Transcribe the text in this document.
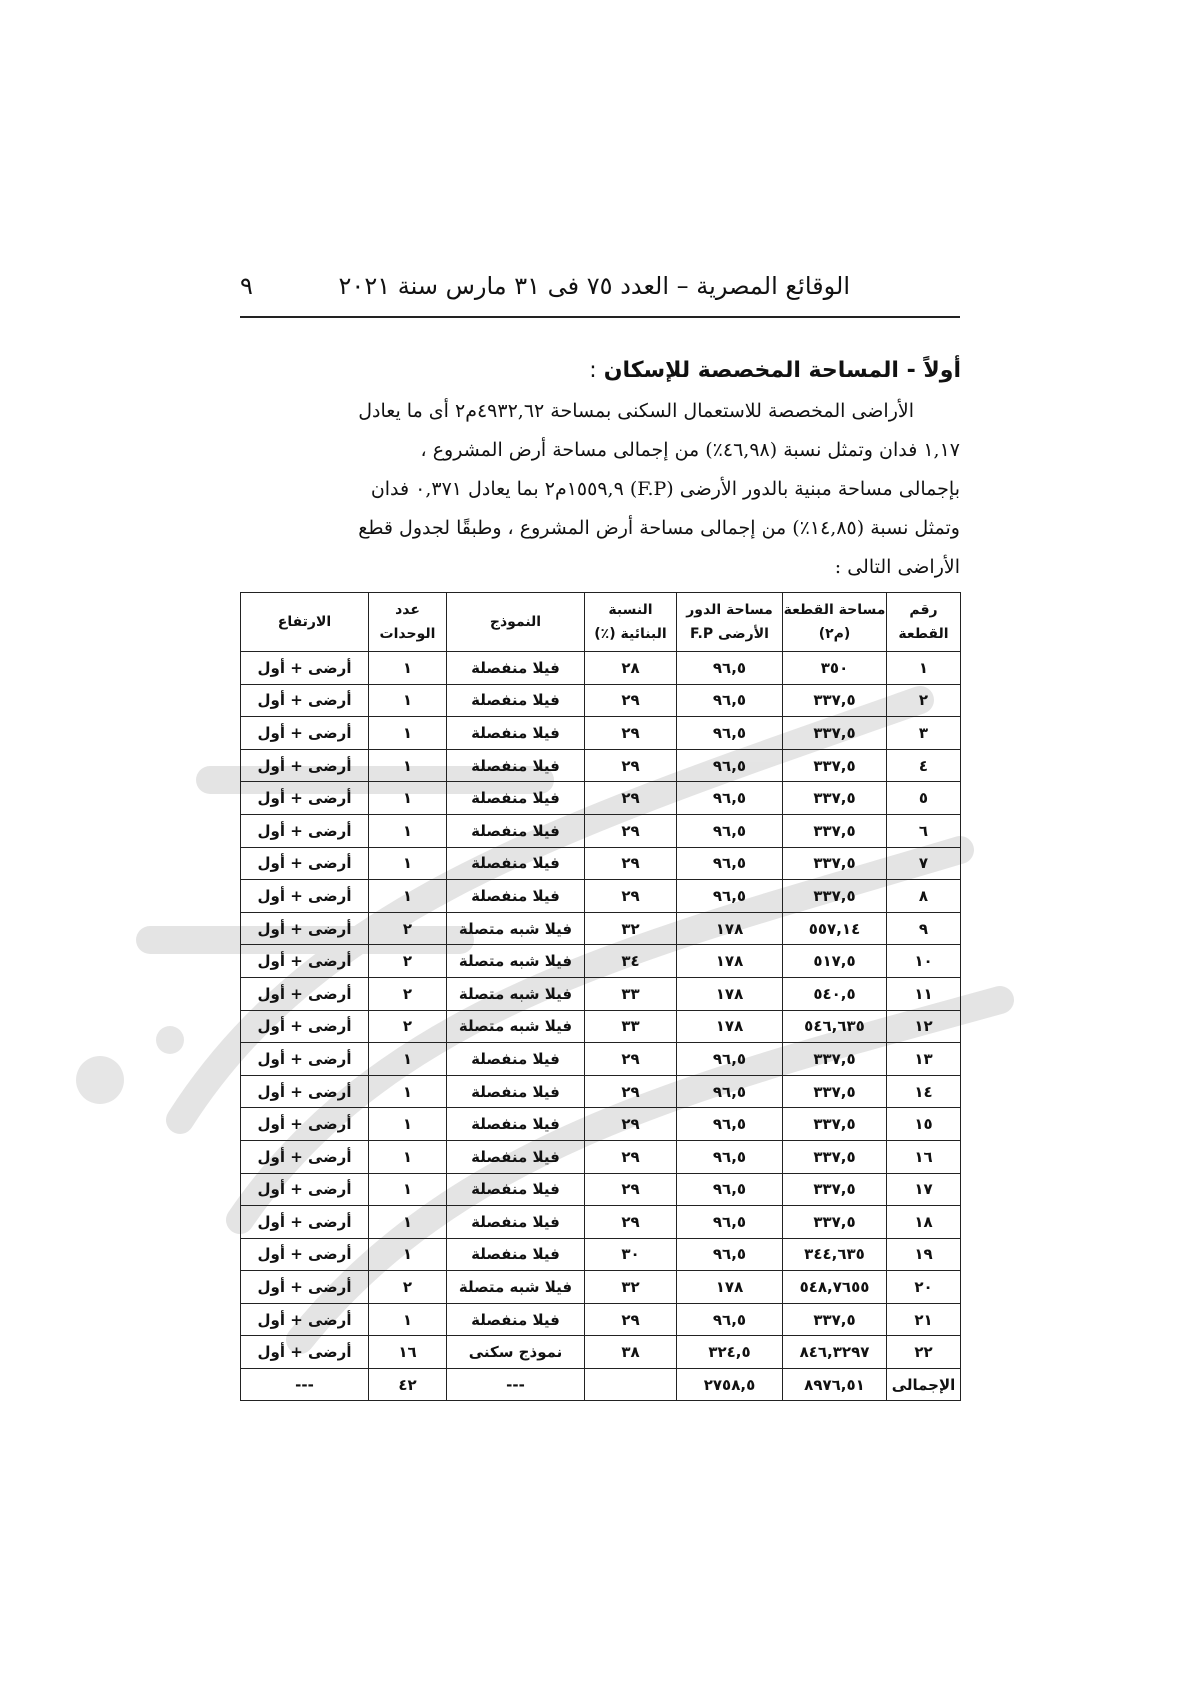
الوقائع المصرية – العدد ٧٥ فى ٣١ مارس سنة ٢٠٢١
٩
أولاً - المساحة المخصصة للإسكان :
الأراضى المخصصة للاستعمال السكنى بمساحة ٤٩٣٢,٦٢م٢ أى ما يعادل
١,١٧ فدان وتمثل نسبة (٤٦,٩٨٪) من إجمالى مساحة أرض المشروع ،
بإجمالى مساحة مبنية بالدور الأرضى (F.P) ١٥٥٩,٩م٢ بما يعادل ٠,٣٧١ فدان
وتمثل نسبة (١٤,٨٥٪) من إجمالى مساحة أرض المشروع ، وطبقًا لجدول قطع
الأراضى التالى :
رقم القطعة	مساحة القطعة (م٢)	مساحة الدور الأرضى F.P	النسبة البنائية (٪)	النموذج	عدد الوحدات	الارتفاع
١	٣٥٠	٩٦,٥	٢٨	فيلا منفصلة	١	أرضى + أول
٢	٣٣٧,٥	٩٦,٥	٢٩	فيلا منفصلة	١	أرضى + أول
٣	٣٣٧,٥	٩٦,٥	٢٩	فيلا منفصلة	١	أرضى + أول
٤	٣٣٧,٥	٩٦,٥	٢٩	فيلا منفصلة	١	أرضى + أول
٥	٣٣٧,٥	٩٦,٥	٢٩	فيلا منفصلة	١	أرضى + أول
٦	٣٣٧,٥	٩٦,٥	٢٩	فيلا منفصلة	١	أرضى + أول
٧	٣٣٧,٥	٩٦,٥	٢٩	فيلا منفصلة	١	أرضى + أول
٨	٣٣٧,٥	٩٦,٥	٢٩	فيلا منفصلة	١	أرضى + أول
٩	٥٥٧,١٤	١٧٨	٣٢	فيلا شبه متصلة	٢	أرضى + أول
١٠	٥١٧,٥	١٧٨	٣٤	فيلا شبه متصلة	٢	أرضى + أول
١١	٥٤٠,٥	١٧٨	٣٣	فيلا شبه متصلة	٢	أرضى + أول
١٢	٥٤٦,٦٣٥	١٧٨	٣٣	فيلا شبه متصلة	٢	أرضى + أول
١٣	٣٣٧,٥	٩٦,٥	٢٩	فيلا منفصلة	١	أرضى + أول
١٤	٣٣٧,٥	٩٦,٥	٢٩	فيلا منفصلة	١	أرضى + أول
١٥	٣٣٧,٥	٩٦,٥	٢٩	فيلا منفصلة	١	أرضى + أول
١٦	٣٣٧,٥	٩٦,٥	٢٩	فيلا منفصلة	١	أرضى + أول
١٧	٣٣٧,٥	٩٦,٥	٢٩	فيلا منفصلة	١	أرضى + أول
١٨	٣٣٧,٥	٩٦,٥	٢٩	فيلا منفصلة	١	أرضى + أول
١٩	٣٤٤,٦٣٥	٩٦,٥	٣٠	فيلا منفصلة	١	أرضى + أول
٢٠	٥٤٨,٧٦٥٥	١٧٨	٣٢	فيلا شبه متصلة	٢	أرضى + أول
٢١	٣٣٧,٥	٩٦,٥	٢٩	فيلا منفصلة	١	أرضى + أول
٢٢	٨٤٦,٣٢٩٧	٣٢٤,٥	٣٨	نموذج سكنى	١٦	أرضى + أول
الإجمالى	٨٩٧٦,٥١	٢٧٥٨,٥		---	٤٢	---
